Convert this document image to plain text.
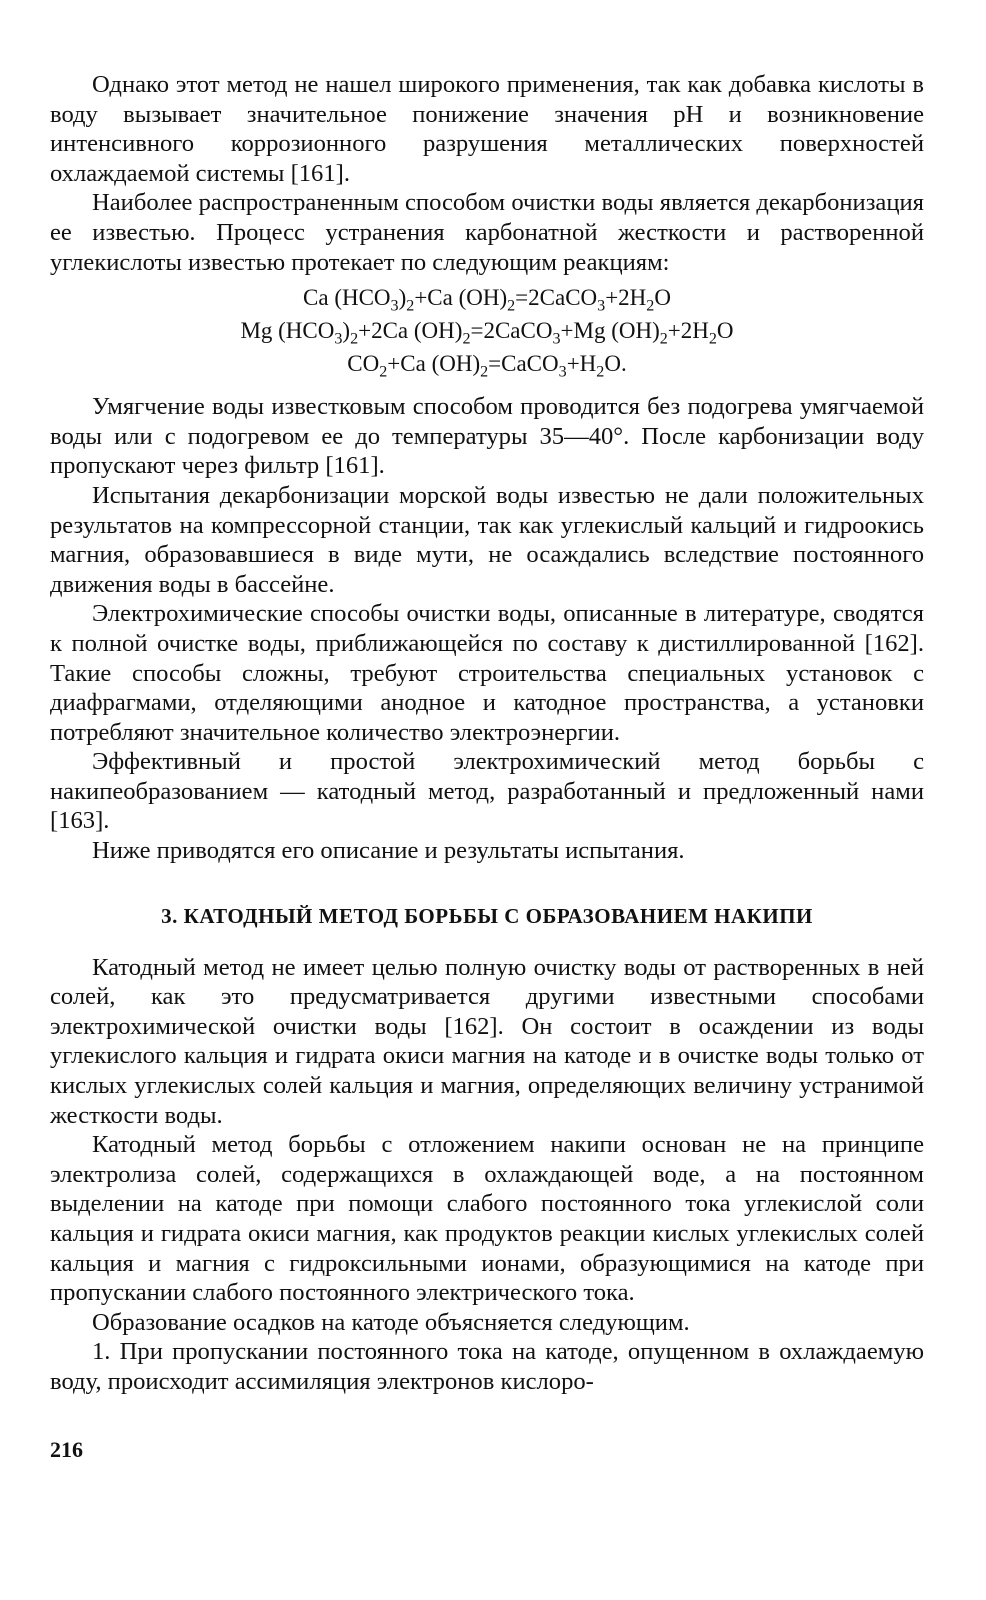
Однако этот метод не нашел широкого применения, так как добавка кислоты в воду вызывает значительное понижение значения pH и возникновение интенсивного коррозионного разрушения металлических поверхностей охлаждаемой системы [161].

Наиболее распространенным способом очистки воды является декарбонизация ее известью. Процесс устранения карбонатной жесткости и растворенной углекислоты известью протекает по следующим реакциям:

Ca $(HCO_3)_2+Ca$ $(OH)_2=2CaCO_3+2H_2O$
Mg $(HCO_3)_2+2Ca$ $(OH)_2=2CaCO_3+Mg$ $(OH)_2+2H_2O$
$CO_2+Ca$ $(OH)_2=CaCO_3+H_2O$.

Умягчение воды известковым способом проводится без подогрева умягчаемой воды или с подогревом ее до температуры 35—40°. После карбонизации воду пропускают через фильтр [161].

Испытания декарбонизации морской воды известью не дали положительных результатов на компрессорной станции, так как углекислый кальций и гидроокись магния, образовавшиеся в виде мути, не осаждались вследствие постоянного движения воды в бассейне.

Электрохимические способы очистки воды, описанные в литературе, сводятся к полной очистке воды, приближающейся по составу к дистиллированной [162]. Такие способы сложны, требуют строительства специальных установок с диафрагмами, отделяющими анодное и катодное пространства, а установки потребляют значительное количество электроэнергии.

Эффективный и простой электрохимический метод борьбы с накипеобразованием — катодный метод, разработанный и предложенный нами [163].

Ниже приводятся его описание и результаты испытания.

3. КАТОДНЫЙ МЕТОД БОРЬБЫ С ОБРАЗОВАНИЕМ НАКИПИ

Катодный метод не имеет целью полную очистку воды от растворенных в ней солей, как это предусматривается другими известными способами электрохимической очистки воды [162]. Он состоит в осаждении из воды углекислого кальция и гидрата окиси магния на катоде и в очистке воды только от кислых углекислых солей кальция и магния, определяющих величину устранимой жесткости воды.

Катодный метод борьбы с отложением накипи основан не на принципе электролиза солей, содержащихся в охлаждающей воде, а на постоянном выделении на катоде при помощи слабого постоянного тока углекислой соли кальция и гидрата окиси магния, как продуктов реакции кислых углекислых солей кальция и магния с гидроксильными ионами, образующимися на катоде при пропускании слабого постоянного электрического тока.

Образование осадков на катоде объясняется следующим.

1. При пропускании постоянного тока на катоде, опущенном в охлаждаемую воду, происходит ассимиляция электронов кислоро-

216
